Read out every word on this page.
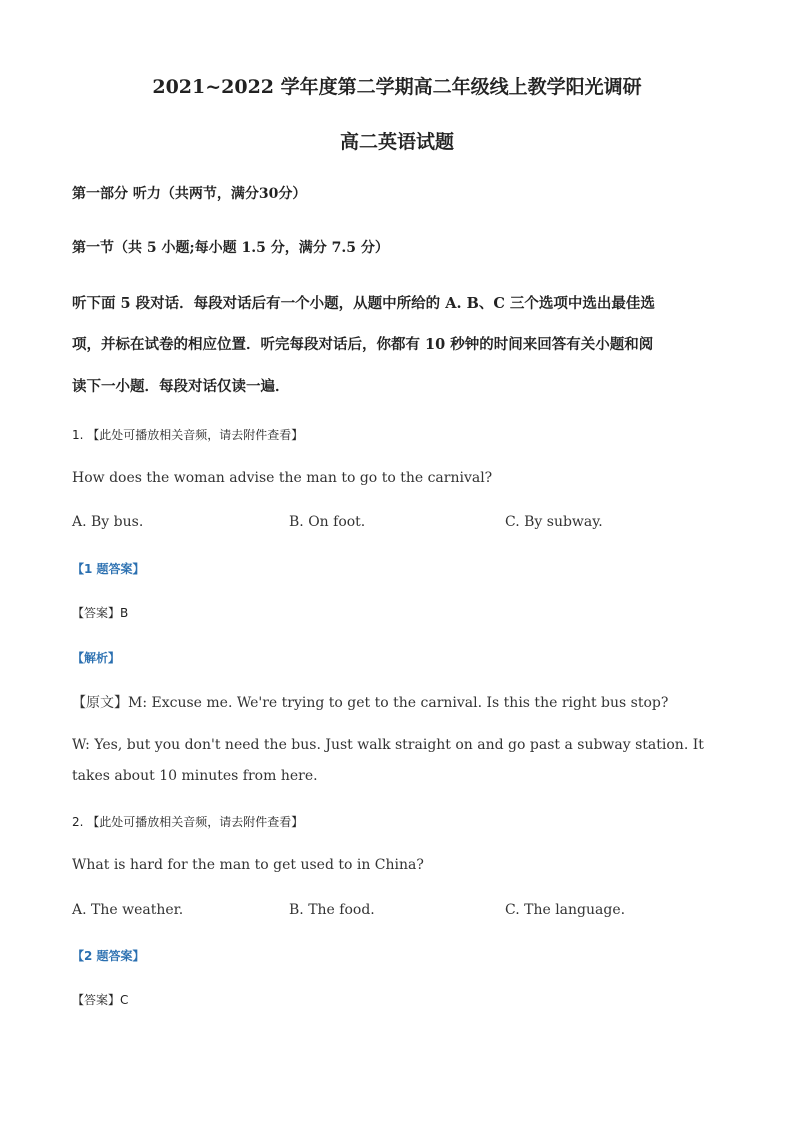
2021~2022 学年度第二学期高二年级线上教学阳光调研
高二英语试题
第一部分 听力（共两节，满分30分）
第一节（共 5 小题;每小题 1.5 分，满分 7.5 分）
听下面 5 段对话．每段对话后有一个小题，从题中所给的 A. B、C 三个选项中选出最佳选
项，并标在试卷的相应位置．听完每段对话后，你都有 10 秒钟的时间来回答有关小题和阅
读下一小题．每段对话仅读一遍．
1. 【此处可播放相关音频，请去附件查看】
How does the woman advise the man to go to the carnival?
A. By bus.	B. On foot.	C. By subway.
【1 题答案】
【答案】B
【解析】
【原文】M: Excuse me. We're trying to get to the carnival. Is this the right bus stop?
W: Yes, but you don't need the bus. Just walk straight on and go past a subway station. It
takes about 10 minutes from here.
2. 【此处可播放相关音频，请去附件查看】
What is hard for the man to get used to in China?
A. The weather.	B. The food.	C. The language.
【2 题答案】
【答案】C
